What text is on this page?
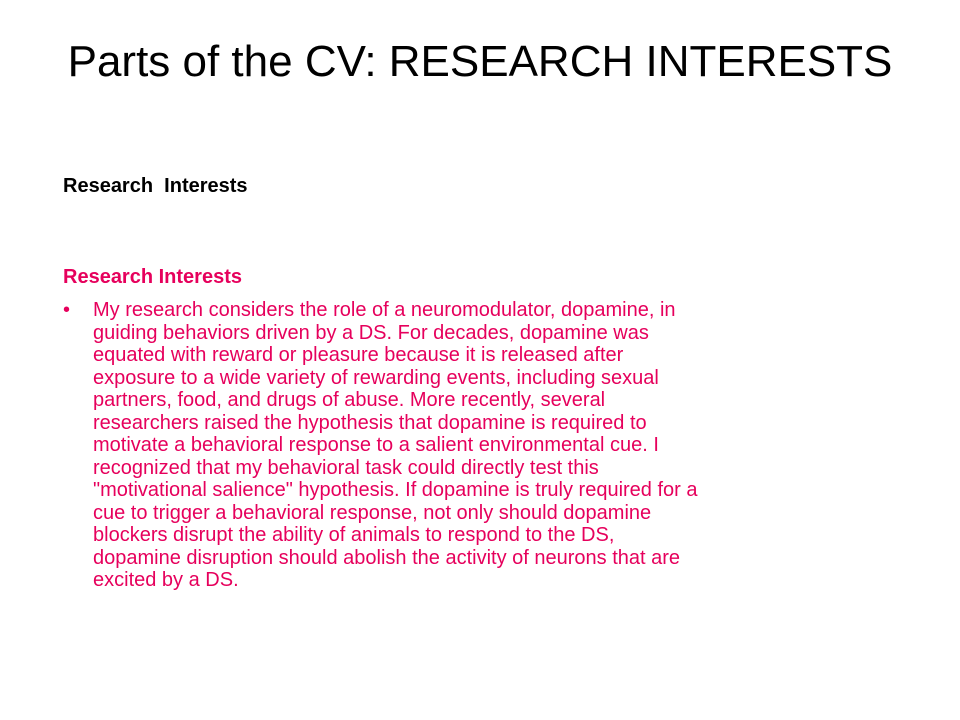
Parts of the CV: RESEARCH INTERESTS
Research  Interests
Research Interests
•	My research considers the role of a neuromodulator, dopamine, in
guiding behaviors driven by a DS. For decades, dopamine was
equated with reward or pleasure because it is released after
exposure to a wide variety of rewarding events, including sexual
partners, food, and drugs of abuse. More recently, several
researchers raised the hypothesis that dopamine is required to
motivate a behavioral response to a salient environmental cue. I
recognized that my behavioral task could directly test this
"motivational salience" hypothesis. If dopamine is truly required for a
cue to trigger a behavioral response, not only should dopamine
blockers disrupt the ability of animals to respond to the DS,
dopamine disruption should abolish the activity of neurons that are
excited by a DS.
